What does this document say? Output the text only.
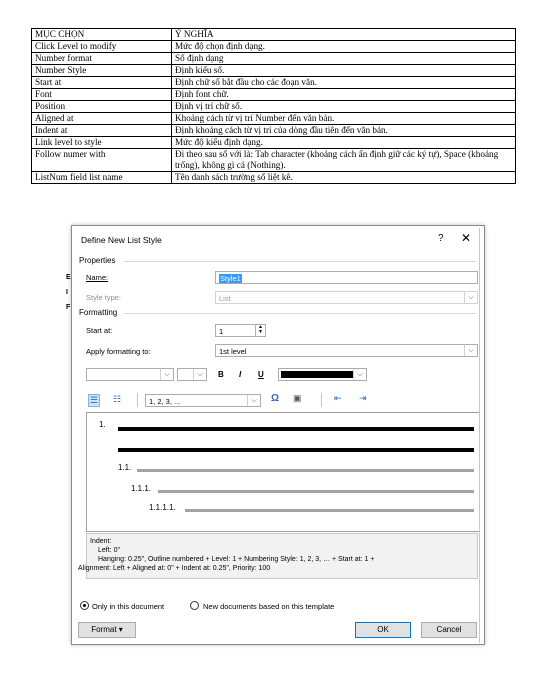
MỤC CHỌN	Ý NGHĨA
Click Level to modify	Mức độ chọn định dạng.
Number format	Số định dạng
Number Style	Định kiểu số.
Start at	Định chữ số bắt đầu cho các đoạn văn.
Font	Định font chữ.
Position	Định vị trí chữ số.
Aligned at	Khoảng cách từ vị trí Number đến văn bản.
Indent at	Định khoảng cách từ vị trí của dòng đầu tiên đến văn bản.
Link level to style	Mức độ kiểu định dạng.
Follow numer with	Đi theo sau số với là: Tab character (khoảng cách ấn định giữ các ký tự), Space (khoảng trống), không gì cả (Nothing).
ListNum field list name	Tên danh sách trường số liệt kê.
E
I
F
Define New List Style	? ✕
Properties
Name:	Style1
Style type:	List	⌵
Formatting
Start at:	1	▲
▼
Apply formatting to:	1st level	⌵
⌵	⌵	B I U	⌵
☰ ☷	1, 2, 3, ...	⌵	Ω ▣	⇤ ⇥
1.
1.1.
1.1.1.
1.1.1.1.
Indent:
Left: 0"
Hanging: 0.25", Outline numbered + Level: 1 + Numbering Style: 1, 2, 3, … + Start at: 1 +
Alignment: Left + Aligned at: 0" + Indent at: 0.25", Priority: 100
Only in this document	New documents based on this template
Format ▾	OK	Cancel
